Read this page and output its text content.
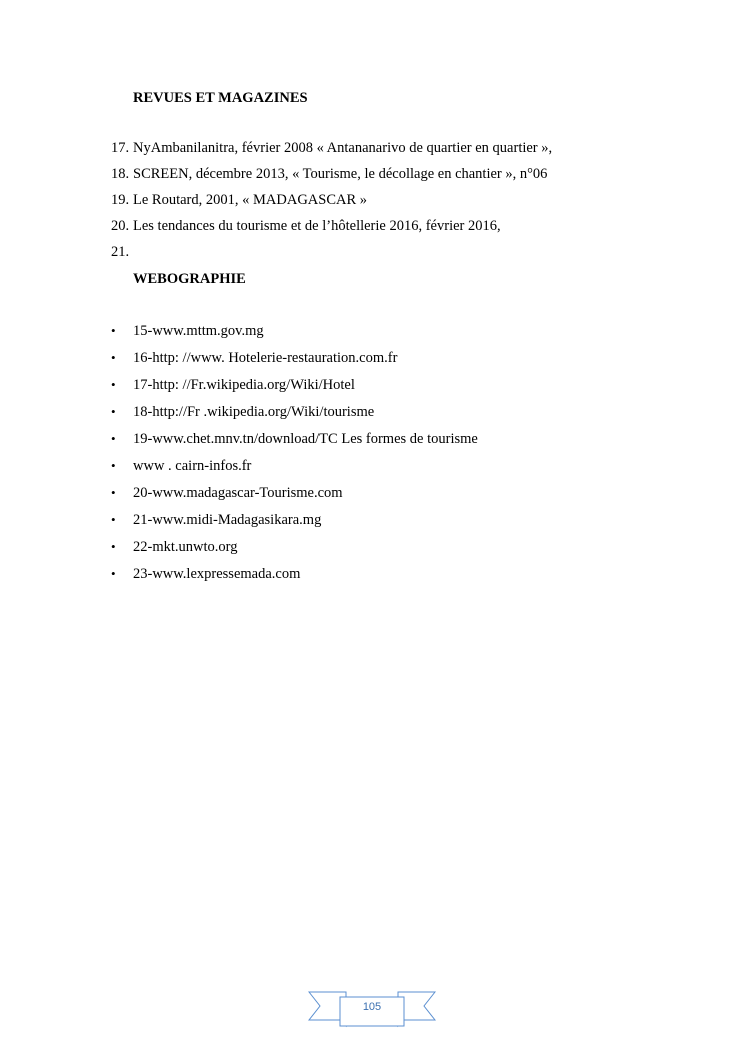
REVUES ET MAGAZINES
17. NyAmbanilanitra, février 2008 « Antananarivo de quartier en quartier »,
18. SCREEN, décembre 2013, « Tourisme, le décollage en chantier », n°06
19. Le Routard, 2001, « MADAGASCAR »
20. Les tendances du tourisme et de l’hôtellerie 2016, février 2016,
21.
WEBOGRAPHIE
• 15-www.mttm.gov.mg
• 16-http: //www. Hotelerie-restauration.com.fr
• 17-http: //Fr.wikipedia.org/Wiki/Hotel
• 18-http://Fr .wikipedia.org/Wiki/tourisme
• 19-www.chet.mnv.tn/download/TC Les formes de tourisme
• www . cairn-infos.fr
• 20-www.madagascar-Tourisme.com
• 21-www.midi-Madagasikara.mg
• 22-mkt.unwto.org
• 23-www.lexpressemada.com
105
